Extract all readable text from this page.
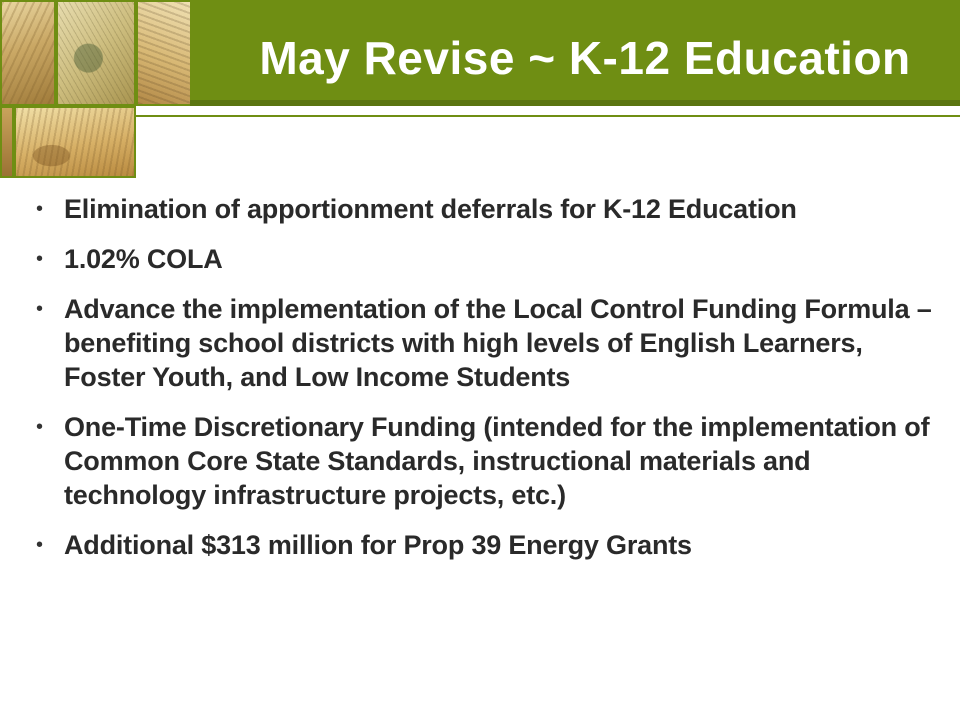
May Revise ~ K-12 Education
• Elimination of apportionment deferrals for K-12 Education
• 1.02% COLA
• Advance the implementation of the Local Control Funding Formula – benefiting school districts with high levels of English Learners, Foster Youth, and Low Income Students
• One-Time Discretionary Funding (intended for the implementation of Common Core State Standards, instructional materials and technology infrastructure projects, etc.)
• Additional $313 million for Prop 39 Energy Grants
